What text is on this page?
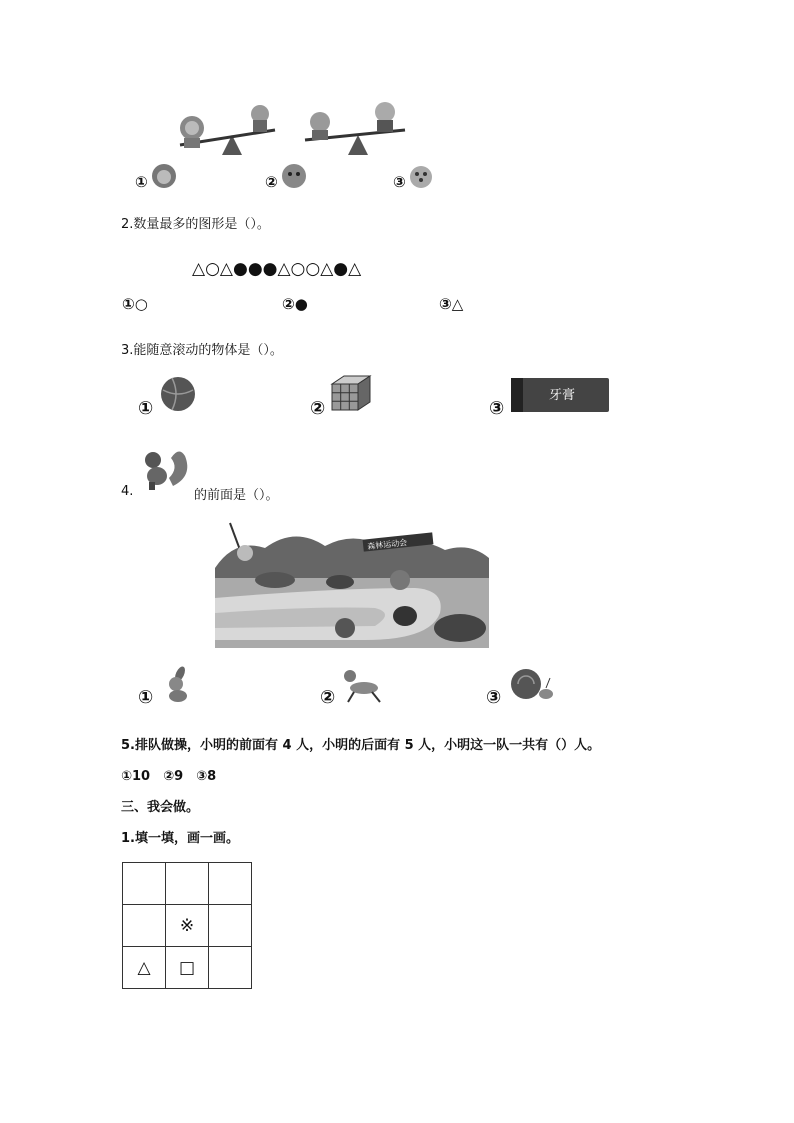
①	②	③
2.数量最多的图形是（）。
△○△●●●△○○△●△
①○	②●	③△
3.能随意滚动的物体是（）。
①	②	③
牙膏
4.	的前面是（）。
森林运动会
①	②	③
5.排队做操，小明的前面有 4 人，小明的后面有 5 人，小明这一队一共有（）人。
①10　②9　③8
三、我会做。
1.填一填，画一画。

	※	
△	□	
